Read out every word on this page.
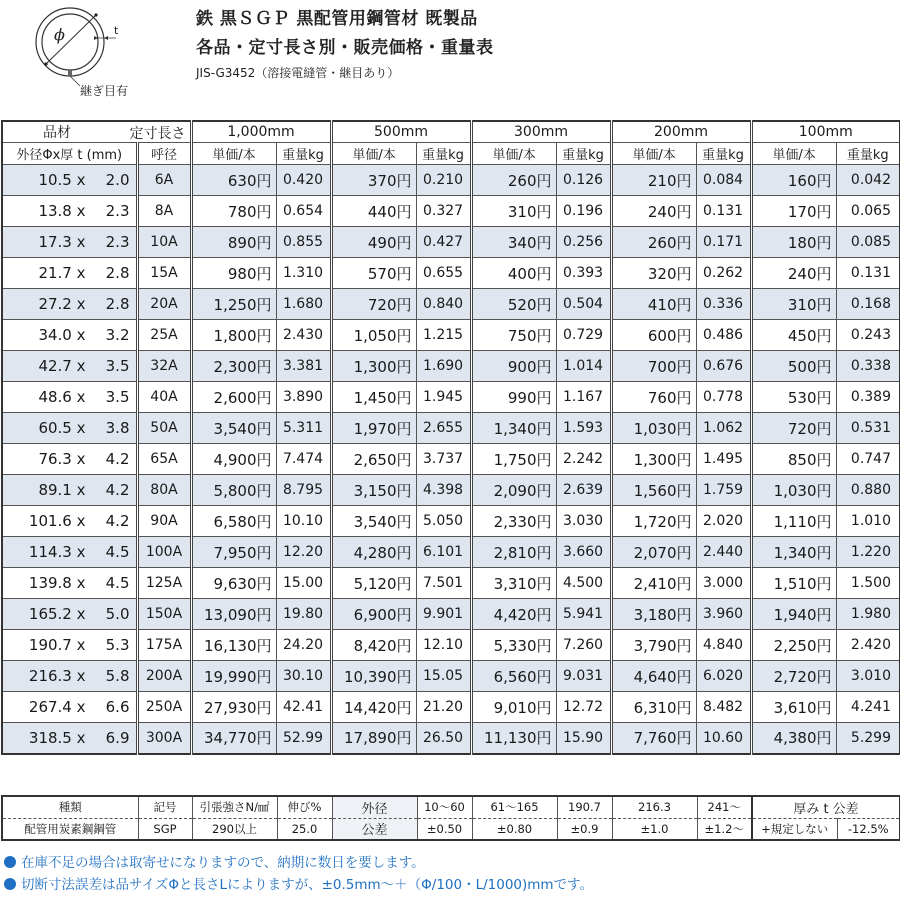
ϕ	t
継ぎ目有
鉄 黒ＳＧＰ 黒配管用鋼管材 既製品
各品・定寸長さ別・販売価格・重量表
JIS-G3452（溶接電縫管・継目あり）
品材	定寸長さ	1,000mm		500mm		300mm		200mm		100mm	
外径Φx厚 t (mm)	呼径	単価/本	重量kg	単価/本	重量kg	単価/本	重量kg	単価/本	重量kg	単価/本	重量kg
10.5 x 2.0	6A	630円	0.420	370円	0.210	260円	0.126	210円	0.084	160円	0.042
13.8 x 2.3	8A	780円	0.654	440円	0.327	310円	0.196	240円	0.131	170円	0.065
17.3 x 2.3	10A	890円	0.855	490円	0.427	340円	0.256	260円	0.171	180円	0.085
21.7 x 2.8	15A	980円	1.310	570円	0.655	400円	0.393	320円	0.262	240円	0.131
27.2 x 2.8	20A	1,250円	1.680	720円	0.840	520円	0.504	410円	0.336	310円	0.168
34.0 x 3.2	25A	1,800円	2.430	1,050円	1.215	750円	0.729	600円	0.486	450円	0.243
42.7 x 3.5	32A	2,300円	3.381	1,300円	1.690	900円	1.014	700円	0.676	500円	0.338
48.6 x 3.5	40A	2,600円	3.890	1,450円	1.945	990円	1.167	760円	0.778	530円	0.389
60.5 x 3.8	50A	3,540円	5.311	1,970円	2.655	1,340円	1.593	1,030円	1.062	720円	0.531
76.3 x 4.2	65A	4,900円	7.474	2,650円	3.737	1,750円	2.242	1,300円	1.495	850円	0.747
89.1 x 4.2	80A	5,800円	8.795	3,150円	4.398	2,090円	2.639	1,560円	1.759	1,030円	0.880
101.6 x 4.2	90A	6,580円	10.10	3,540円	5.050	2,330円	3.030	1,720円	2.020	1,110円	1.010
114.3 x 4.5	100A	7,950円	12.20	4,280円	6.101	2,810円	3.660	2,070円	2.440	1,340円	1.220
139.8 x 4.5	125A	9,630円	15.00	5,120円	7.501	3,310円	4.500	2,410円	3.000	1,510円	1.500
165.2 x 5.0	150A	13,090円	19.80	6,900円	9.901	4,420円	5.941	3,180円	3.960	1,940円	1.980
190.7 x 5.3	175A	16,130円	24.20	8,420円	12.10	5,330円	7.260	3,790円	4.840	2,250円	2.420
216.3 x 5.8	200A	19,990円	30.10	10,390円	15.05	6,560円	9.031	4,640円	6.020	2,720円	3.010
267.4 x 6.6	250A	27,930円	42.41	14,420円	21.20	9,010円	12.72	6,310円	8.482	3,610円	4.241
318.5 x 6.9	300A	34,770円	52.99	17,890円	26.50	11,130円	15.90	7,760円	10.60	4,380円	5.299
種類	記号	引張強さN/㎟	伸び%	外径	10～60	61～165	190.7	216.3	241～	厚み t 公差	
配管用炭素鋼鋼管	SGP	290以上	25.0	公差	±0.50	±0.80	±0.9	±1.0	±1.2～	+規定しない	-12.5%
在庫不足の場合は取寄せになりますので、納期に数日を要します。
切断寸法誤差は品サイズΦと長さLによりますが、±0.5mm～＋（Φ/100・L/1000)mmです。
